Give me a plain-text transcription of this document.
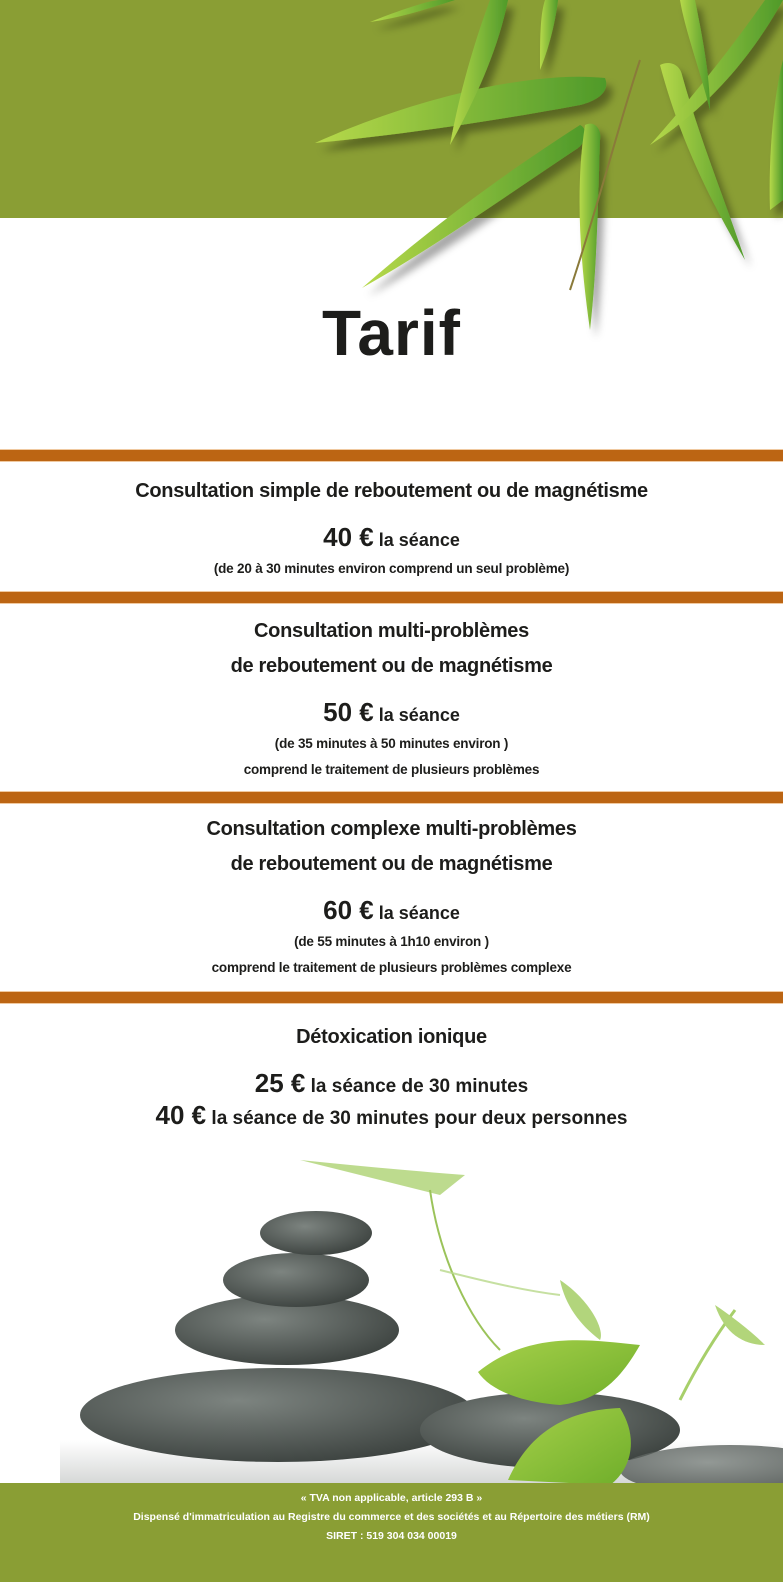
Tarif
Consultation simple de reboutement ou de magnétisme
40 € la séance
(de 20 à 30 minutes environ comprend un seul problème)
Consultation multi-problèmes
de reboutement ou de magnétisme
50 € la séance
(de 35 minutes à 50 minutes environ )
comprend le traitement de plusieurs problèmes
Consultation complexe multi-problèmes
de reboutement ou de magnétisme
60 € la séance
(de 55 minutes à 1h10 environ )
comprend le traitement de plusieurs problèmes complexe
Détoxication ionique
25 € la séance de 30 minutes
40 € la séance de 30 minutes pour deux personnes
« TVA non applicable, article 293 B »
Dispensé d'immatriculation au Registre du commerce et des sociétés et au Répertoire des métiers (RM)
SIRET : 519 304 034 00019
